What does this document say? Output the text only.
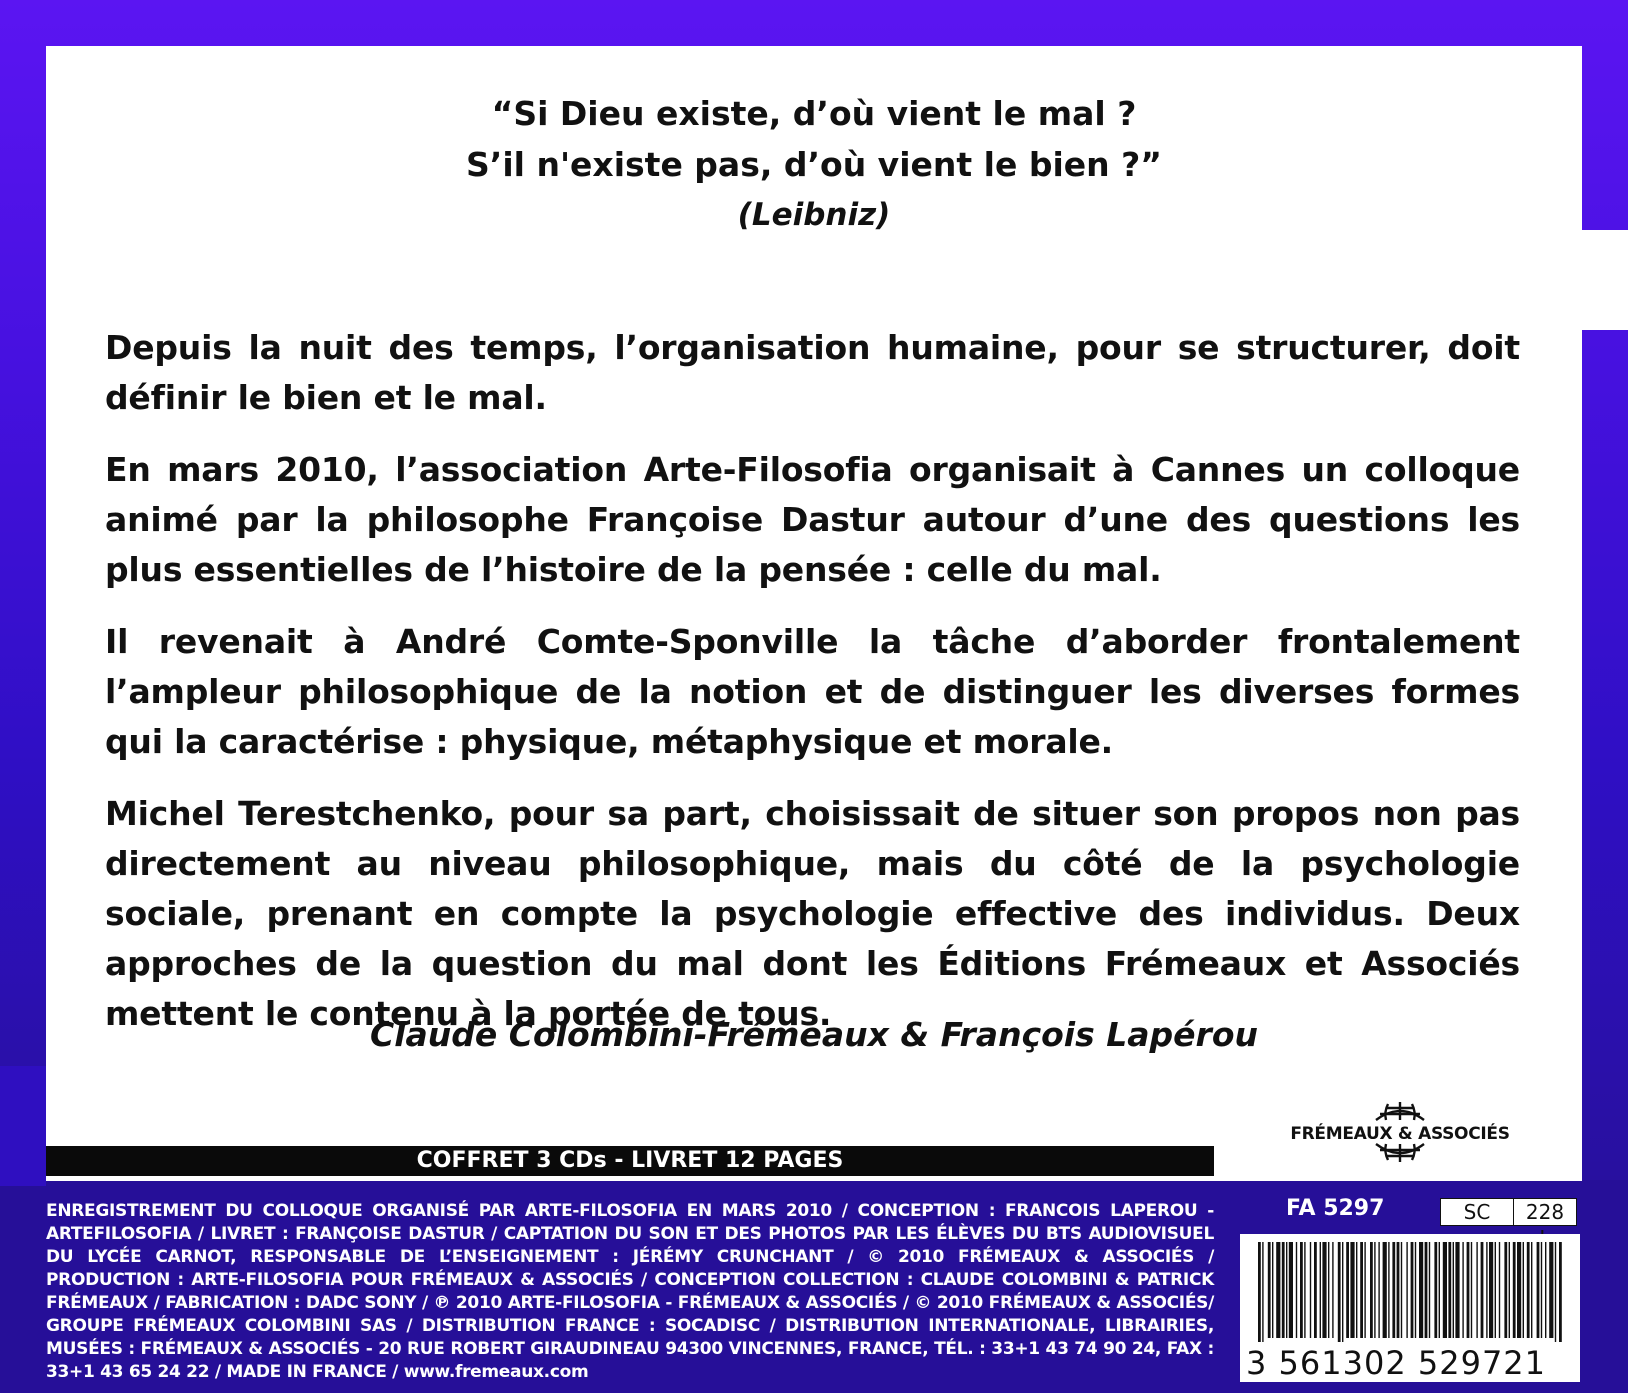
“Si Dieu existe, d’où vient le mal ?
S’il n'existe pas, d’où vient le bien ?”
(Leibniz)

Depuis la nuit des temps, l’organisation humaine, pour se structurer, doit définir le bien et le mal.

En mars 2010, l’association Arte-Filosofia organisait à Cannes un colloque animé par la philosophe Françoise Dastur autour d’une des questions les plus essentielles de l’histoire de la pensée : celle du mal.

Il revenait à André Comte-Sponville la tâche d’aborder frontalement l’ampleur philosophique de la notion et de distinguer les diverses formes qui la caractérise : physique, métaphysique et morale.

Michel Terestchenko, pour sa part, choisissait de situer son propos non pas directement au niveau philosophique, mais du côté de la psychologie sociale, prenant en compte la psychologie effective des individus. Deux approches de la question du mal dont les Éditions Frémeaux et Associés mettent le contenu à la portée de tous.

Claude Colombini-Frémeaux & François Lapérou
FRÉMEAUX & ASSOCIÉS
COFFRET 3 CDs - LIVRET 12 PAGES
ENREGISTREMENT DU COLLOQUE ORGANISÉ PAR ARTE-FILOSOFIA EN MARS 2010 / CONCEPTION : FRANCOIS LAPEROU - ARTEFILOSOFIA / LIVRET : FRANÇOISE DASTUR / CAPTATION DU SON ET DES PHOTOS PAR LES ÉLÈVES DU BTS AUDIOVISUEL DU LYCÉE CARNOT, RESPONSABLE DE L’ENSEIGNEMENT : JÉRÉMY CRUNCHANT / © 2010 FRÉMEAUX & ASSOCIÉS / PRODUCTION : ARTE-FILOSOFIA POUR FRÉMEAUX & ASSOCIÉS / CONCEPTION COLLECTION : CLAUDE COLOMBINI & PATRICK FRÉMEAUX / FABRICATION : DADC SONY / ℗ 2010 ARTE-FILOSOFIA - FRÉMEAUX & ASSOCIÉS / © 2010 FRÉMEAUX & ASSOCIÉS/ GROUPE FRÉMEAUX COLOMBINI SAS / DISTRIBUTION FRANCE : SOCADISC / DISTRIBUTION INTERNATIONALE, LIBRAIRIES, MUSÉES : FRÉMEAUX & ASSOCIÉS - 20 RUE ROBERT GIRAUDINEAU 94300 VINCENNES, FRANCE, TÉL. : 33+1 43 74 90 24, FAX : 33+1 43 65 24 22 / MADE IN FRANCE / www.fremeaux.com
FA 5297	SC	228
3 561302 529721
